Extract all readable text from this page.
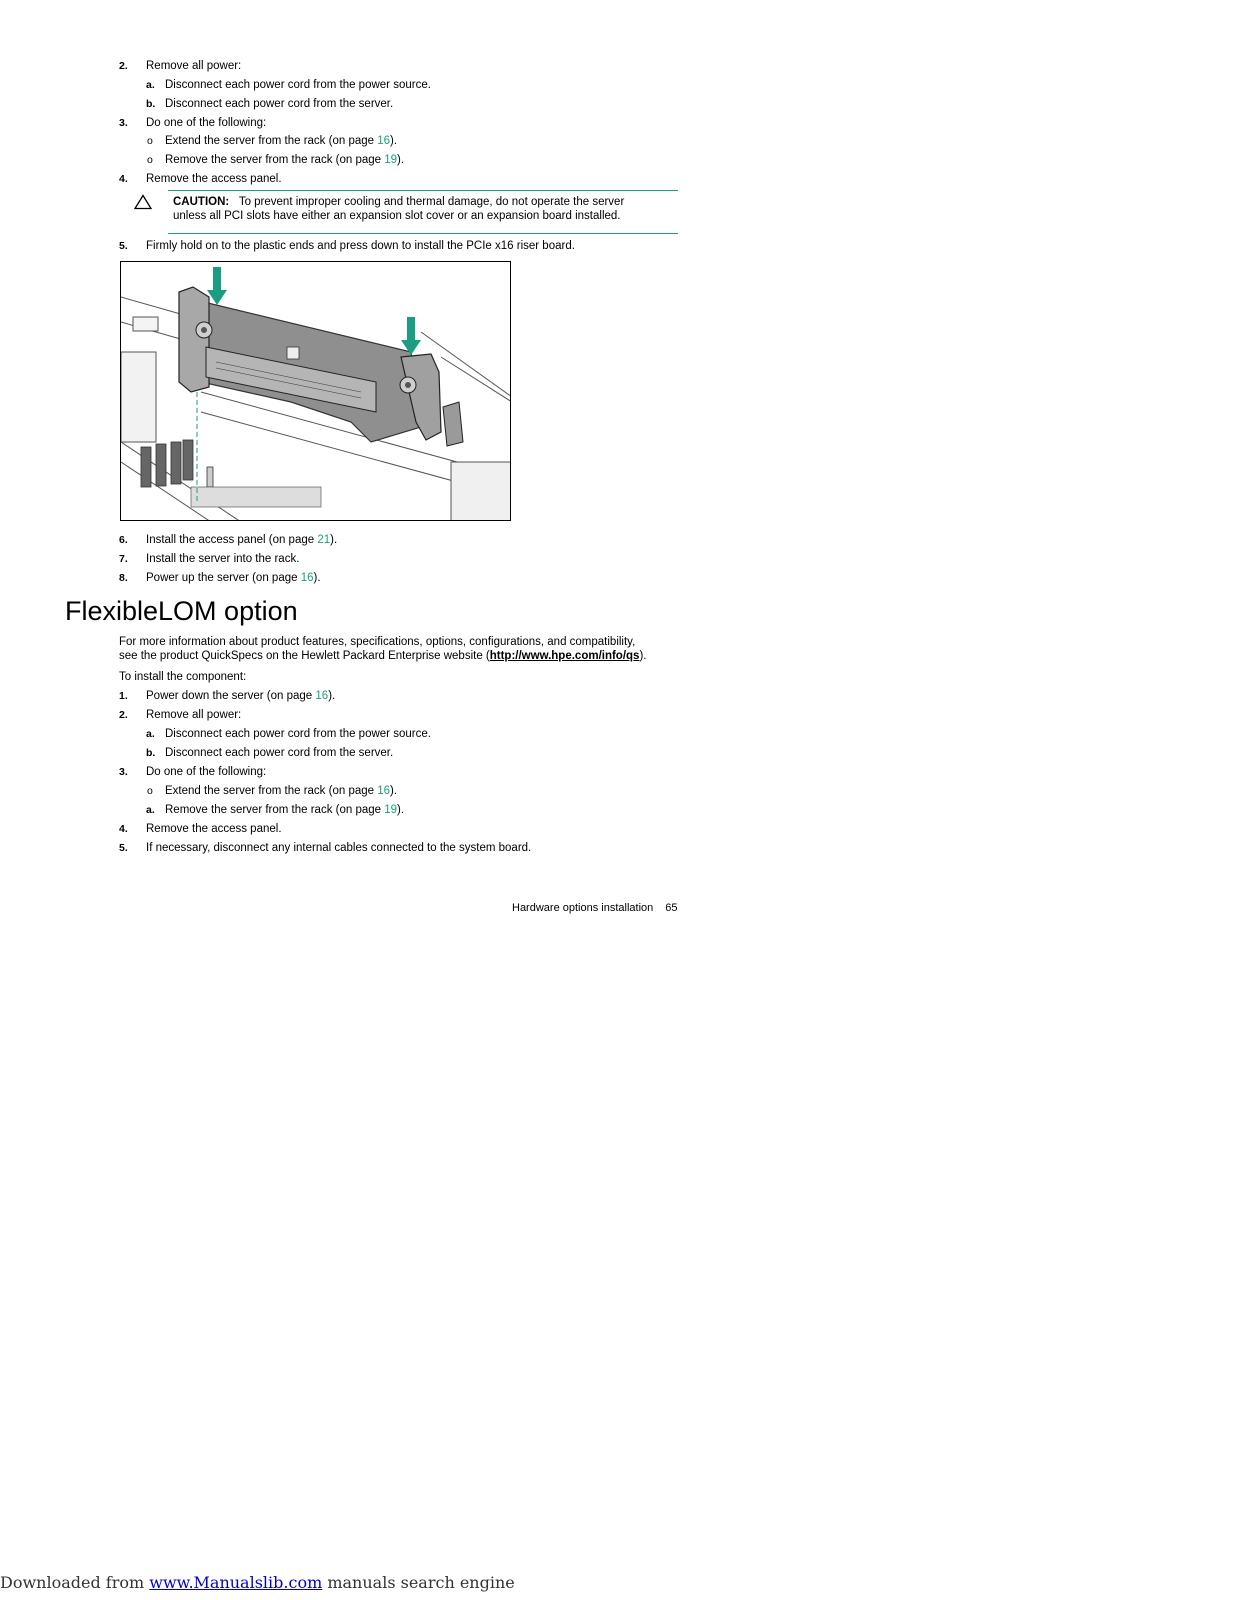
2. Remove all power:
a. Disconnect each power cord from the power source.
b. Disconnect each power cord from the server.
3. Do one of the following:
o Extend the server from the rack (on page 16).
o Remove the server from the rack (on page 19).
4. Remove the access panel.
CAUTION: To prevent improper cooling and thermal damage, do not operate the server
unless all PCI slots have either an expansion slot cover or an expansion board installed.
5. Firmly hold on to the plastic ends and press down to install the PCIe x16 riser board.
6. Install the access panel (on page 21).
7. Install the server into the rack.
8. Power up the server (on page 16).
FlexibleLOM option
For more information about product features, specifications, options, configurations, and compatibility,
see the product QuickSpecs on the Hewlett Packard Enterprise website (http://www.hpe.com/info/qs).
To install the component:
1. Power down the server (on page 16).
2. Remove all power:
a. Disconnect each power cord from the power source.
b. Disconnect each power cord from the server.
3. Do one of the following:
o Extend the server from the rack (on page 16).
a. Remove the server from the rack (on page 19).
4. Remove the access panel.
5. If necessary, disconnect any internal cables connected to the system board.
Hardware options installation 65
Downloaded from www.Manualslib.com manuals search engine
